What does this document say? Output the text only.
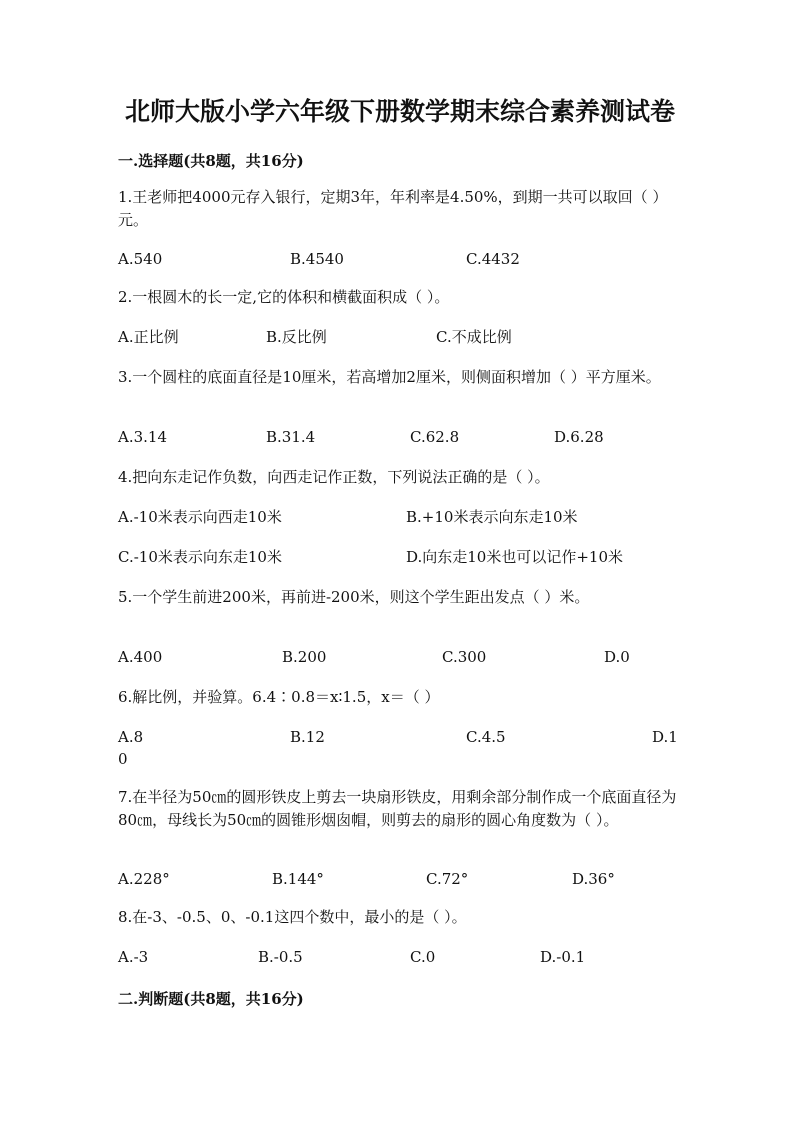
北师大版小学六年级下册数学期末综合素养测试卷
一.选择题(共8题，共16分)
1.王老师把4000元存入银行，定期3年，年利率是4.50%，到期一共可以取回（ ）元。
A.540	B.4540	C.4432
2.一根圆木的长一定,它的体积和横截面积成（ ）。
A.正比例	B.反比例	C.不成比例
3.一个圆柱的底面直径是10厘米，若高增加2厘米，则侧面积增加（ ）平方厘米。
A.3.14	B.31.4	C.62.8	D.6.28
4.把向东走记作负数，向西走记作正数，下列说法正确的是（ ）。
A.-10米表示向西走10米	B.+10米表示向东走10米
C.-10米表示向东走10米	D.向东走10米也可以记作+10米
5.一个学生前进200米，再前进-200米，则这个学生距出发点（ ）米。
A.400	B.200	C.300	D.0
6.解比例，并验算。6.4∶0.8＝x∶1.5，x＝（ ）
A.8	B.12	C.4.5	D.1
0
7.在半径为50㎝的圆形铁皮上剪去一块扇形铁皮，用剩余部分制作成一个底面直径为80㎝，母线长为50㎝的圆锥形烟囱帽，则剪去的扇形的圆心角度数为（ ）。
A.228°	B.144°	C.72°	D.36°
8.在-3、-0.5、0、-0.1这四个数中，最小的是（ ）。
A.-3	B.-0.5	C.0	D.-0.1
二.判断题(共8题，共16分)
